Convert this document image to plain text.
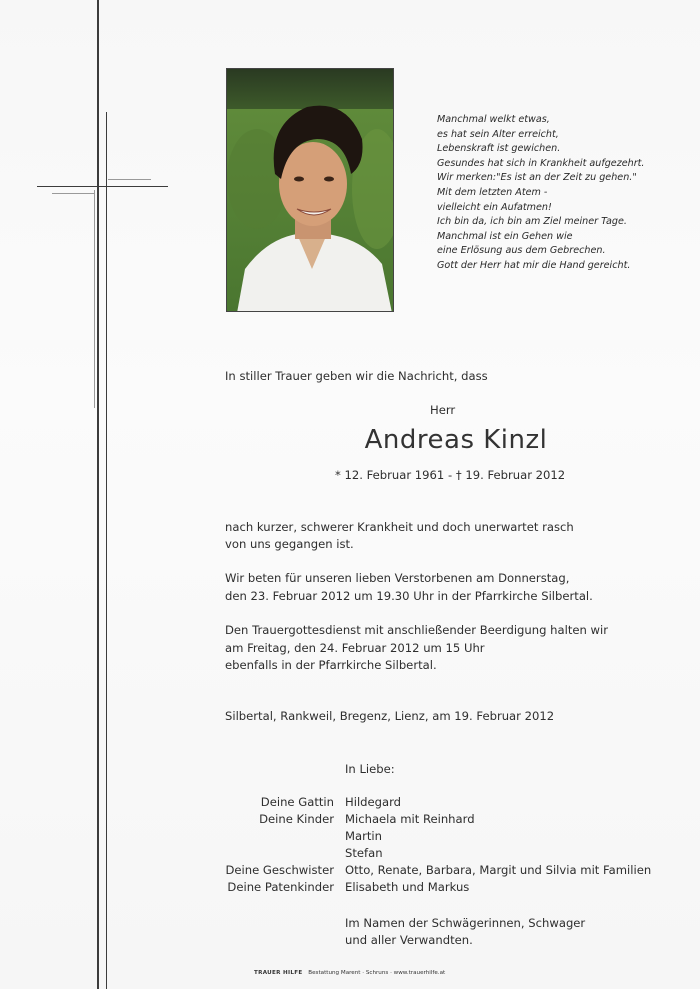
Manchmal welkt etwas,
es hat sein Alter erreicht,
Lebenskraft ist gewichen.
Gesundes hat sich in Krankheit aufgezehrt.
Wir merken:"Es ist an der Zeit zu gehen."
Mit dem letzten Atem -
vielleicht ein Aufatmen!
Ich bin da, ich bin am Ziel meiner Tage.
Manchmal ist ein Gehen wie
eine Erlösung aus dem Gebrechen.
Gott der Herr hat mir die Hand gereicht.
In stiller Trauer geben wir die Nachricht, dass
Herr
Andreas Kinzl
* 12. Februar 1961 - † 19. Februar 2012
nach kurzer, schwerer Krankheit und doch unerwartet rasch
von uns gegangen ist.
Wir beten für unseren lieben Verstorbenen am Donnerstag,
den 23. Februar 2012 um 19.30 Uhr in der Pfarrkirche Silbertal.
Den Trauergottesdienst mit anschließender Beerdigung halten wir
am Freitag, den 24. Februar 2012 um 15 Uhr
ebenfalls in der Pfarrkirche Silbertal.
Silbertal, Rankweil, Bregenz, Lienz, am 19. Februar 2012
In Liebe:
Deine Gattin Hildegard
Deine Kinder Michaela mit Reinhard
Martin
Stefan
Deine Geschwister Otto, Renate, Barbara, Margit und Silvia mit Familien
Deine Patenkinder Elisabeth und Markus
Im Namen der Schwägerinnen, Schwager
und aller Verwandten.
TRAUER HILFE Bestattung Marent · Schruns · www.trauerhilfe.at
